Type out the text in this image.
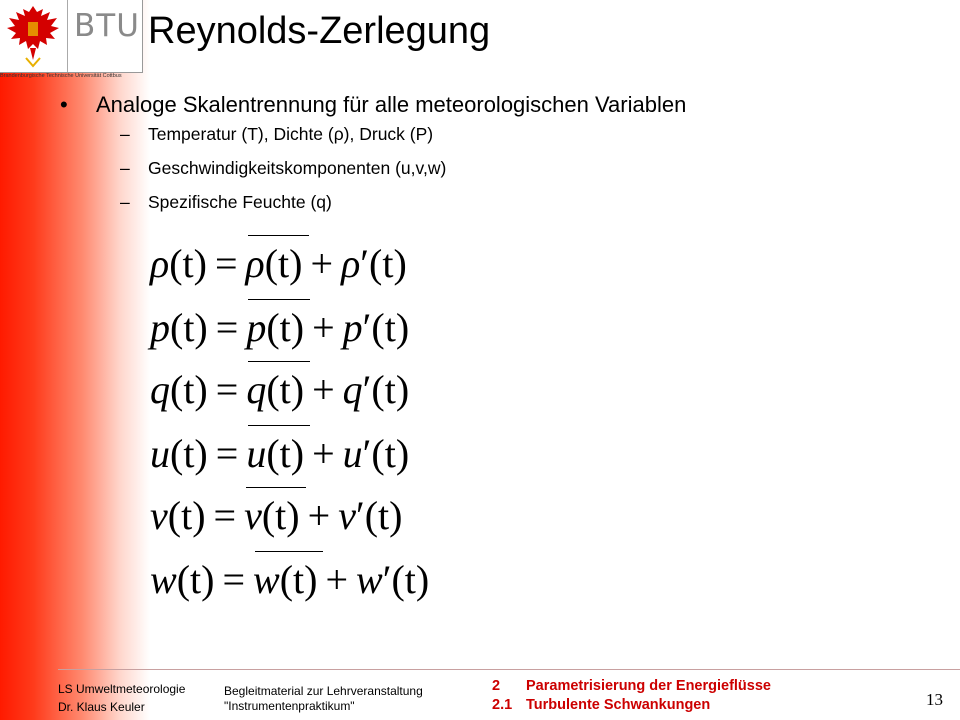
BTU
Brandenburgische Technische Universität Cottbus
Reynolds-Zerlegung
•	Analoge Skalentrennung für alle meteorologischen Variablen
–	Temperatur (T), Dichte (ρ), Druck (P)
–	Geschwindigkeitskomponenten (u,v,w)
–	Spezifische Feuchte (q)
ρ (t) = ρ(t) + ρ ′ (t)
p (t) = p(t) + p ′ (t)
q (t) = q(t) + q ′ (t)
u (t) = u(t) + u ′ (t)
v (t) = v(t) + v ′ (t)
w (t) = w(t) + w ′ (t)
LS Umweltmeteorologie
Dr. Klaus Keuler
Begleitmaterial zur Lehrveranstaltung
"Instrumentenpraktikum"
2	Parametrisierung der Energieflüsse
2.1 Turbulente Schwankungen	13
